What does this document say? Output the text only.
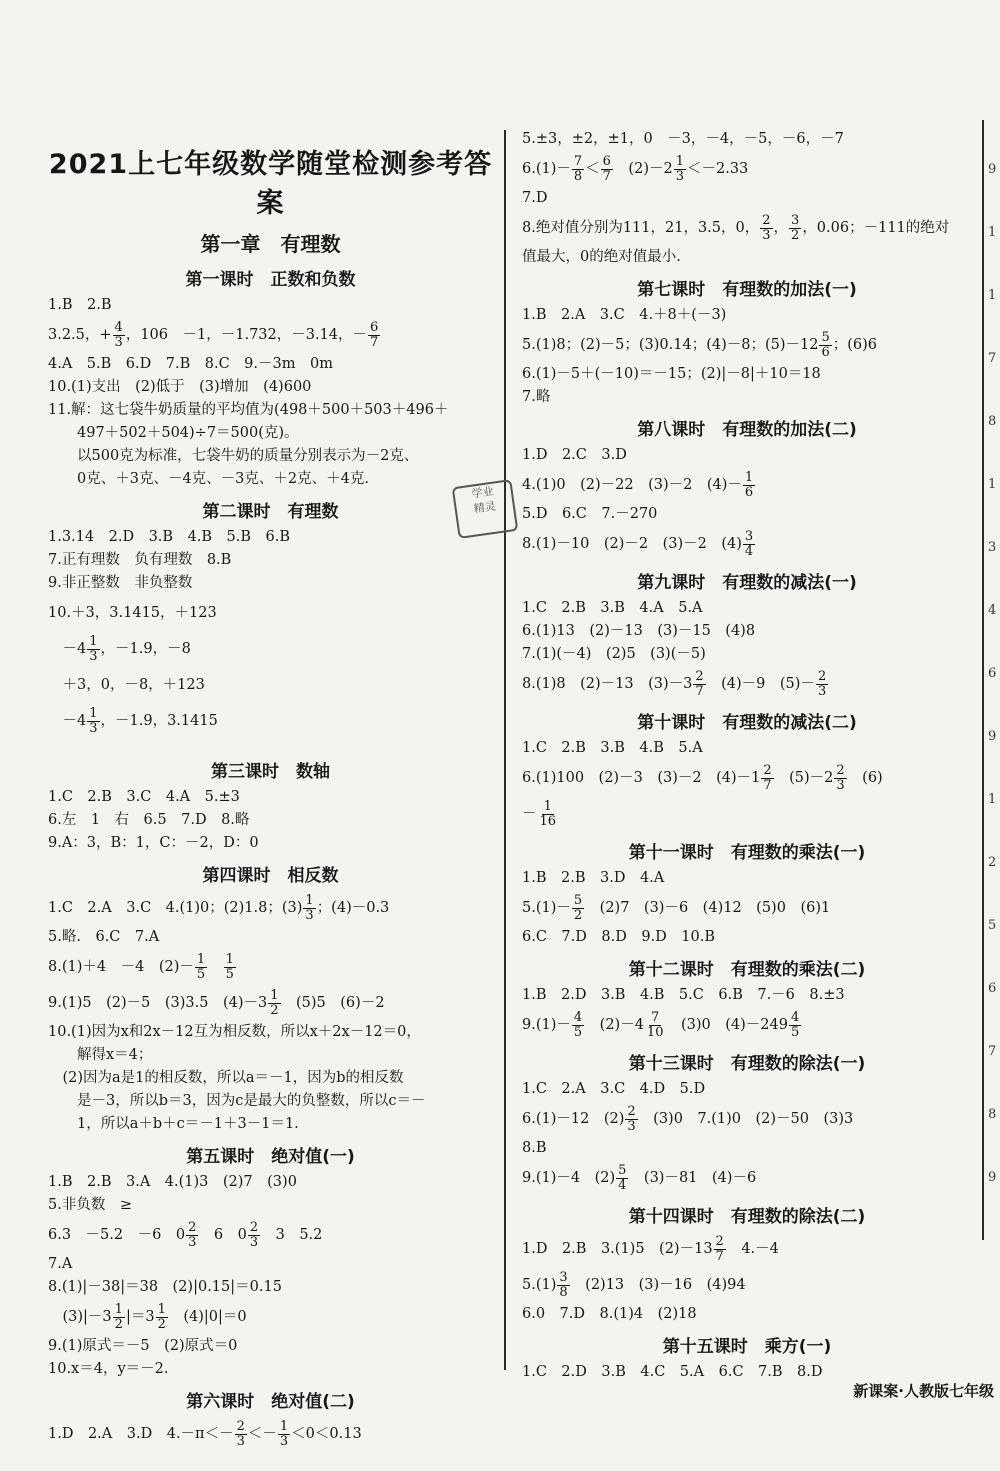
学业
精灵
2021上七年级数学随堂检测参考答案
第一章　有理数
第一课时　正数和负数
1.B　2.B
3.2.5，+ $\frac{4}{3}$ ，106　－1，－1.732，－3.14，－ $\frac{6}{7}$
4.A　5.B　6.D　7.B　8.C　9.－3m　0m
10.(1)支出　(2)低于　(3)增加　(4)600
11.解：这七袋牛奶质量的平均值为(498＋500＋503＋496＋
　　497＋502＋504)÷7＝500(克)。
　　以500克为标准，七袋牛奶的质量分别表示为－2克、
　　0克、＋3克、－4克、－3克、＋2克、＋4克.
第二课时　有理数
1.3.14　2.D　3.B　4.B　5.B　6.B
7.正有理数　负有理数　8.B
9.非正整数　非负整数
10.＋3，3.1415，＋123
　$-4 \frac{1}{3}$ ，－1.9，－8
　＋3，0，－8，＋123
　$-4 \frac{1}{3}$ ，－1.9，3.1415
第三课时　数轴
1.C　2.B　3.C　4.A　5.±3
6.左　1　右　6.5　7.D　8.略
9.A：3，B：1，C：－2，D：0
第四课时　相反数
1.C　2.A　3.C　4.(1)0；(2)1.8；$(3) \frac{1}{3}$ ；(4)－0.3
5.略.　6.C　7.A
8.(1)＋4　－4　$(2)- \frac{1}{5}$
　 $\frac{1}{5}$
9.(1)5　(2)－5　(3)3.5　$(4)-3 \frac{1}{2}$ 　(5)5　(6)－2
10.(1)因为x和2x－12互为相反数，所以x＋2x－12＝0，
　　解得x＝4；
　(2)因为a是1的相反数，所以a＝－1，因为b的相反数
　　是－3，所以b＝3，因为c是最大的负整数，所以c＝－
　　1，所以a＋b＋c＝－1＋3－1＝1.
第五课时　绝对值(一)
1.B　2.B　3.A　4.(1)3　(2)7　(3)0
5.非负数　≥
6.3　－5.2　－6　$0 \frac{2}{3}$ 　6　$0 \frac{2}{3}$ 　3　5.2
7.A
8.(1)|－38|＝38　(2)|0.15|＝0.15
　$(3)|-3 \frac{1}{2} |=3 \frac{1}{2}$ 　(4)|0|＝0
9.(1)原式＝－5　(2)原式＝0
10.x＝4，y＝－2.
第六课时　绝对值(二)
1.D　2.A　3.D　$4.-\pi<- \frac{2}{3} <- \frac{1}{3} <0<0.13$
5.±3，±2，±1，0　－3，－4，－5，－6，－7
$6.(1)- \frac{7}{8} < \frac{6}{7}$ 　$(2)-2 \frac{1}{3} <-2.33$
7.D
8.绝对值分别为111，21，3.5，0， $\frac{2}{3}$ ， $\frac{3}{2}$ ，0.06；－111的绝对
值最大，0的绝对值最小.
第七课时　有理数的加法(一)
1.B　2.A　3.C　4.＋8＋(－3)
5.(1)8；(2)－5；(3)0.14；(4)－8；$(5)-12 \frac{5}{6}$ ；(6)6
6.(1)－5＋(－10)＝－15；(2)|－8|＋10＝18
7.略
第八课时　有理数的加法(二)
1.D　2.C　3.D
4.(1)0　(2)－22　(3)－2　$(4)- \frac{1}{6}$
5.D　6.C　7.－270
8.(1)－10　(2)－2　(3)－2　$(4) \frac{3}{4}$
第九课时　有理数的减法(一)
1.C　2.B　3.B　4.A　5.A
6.(1)13　(2)－13　(3)－15　(4)8
7.(1)(－4)　(2)5　(3)(－5)
8.(1)8　(2)－13　$(3)-3 \frac{2}{7}$ 　(4)－9　$(5)- \frac{2}{3}$
第十课时　有理数的减法(二)
1.C　2.B　3.B　4.B　5.A
6.(1)100　(2)－3　(3)－2　$(4)-1 \frac{2}{7}$ 　$(5)-2 \frac{2}{3}$ 　(6)
－ $\frac{1}{16}$
第十一课时　有理数的乘法(一)
1.B　2.B　3.D　4.A
$5.(1)- \frac{5}{2}$ 　(2)7　(3)－6　(4)12　(5)0　(6)1
6.C　7.D　8.D　9.D　10.B
第十二课时　有理数的乘法(二)
1.B　2.D　3.B　4.B　5.C　6.B　7.－6　8.±3
$9.(1)- \frac{4}{5}$ 　$(2)-4 \frac{7}{10}$ 　(3)0　$(4)-249 \frac{4}{5}$
第十三课时　有理数的除法(一)
1.C　2.A　3.C　4.D　5.D
6.(1)－12　$(2) \frac{2}{3}$ 　(3)0　7.(1)0　(2)－50　(3)3
8.B
9.(1)－4　$(2) \frac{5}{4}$ 　(3)－81　(4)－6
第十四课时　有理数的除法(二)
1.D　2.B　3.(1)5　$(2)-13 \frac{2}{7}$ 　4.－4
$5.(1) \frac{3}{8}$ 　(2)13　(3)－16　(4)94
6.0　7.D　8.(1)4　(2)18
第十五课时　乘方(一)
1.C　2.D　3.B　4.C　5.A　6.C　7.B　8.D
9
1
1
7
8
1
3
4
6
9
1
2
5
6
7
8
9
新课案·人教版七年级
